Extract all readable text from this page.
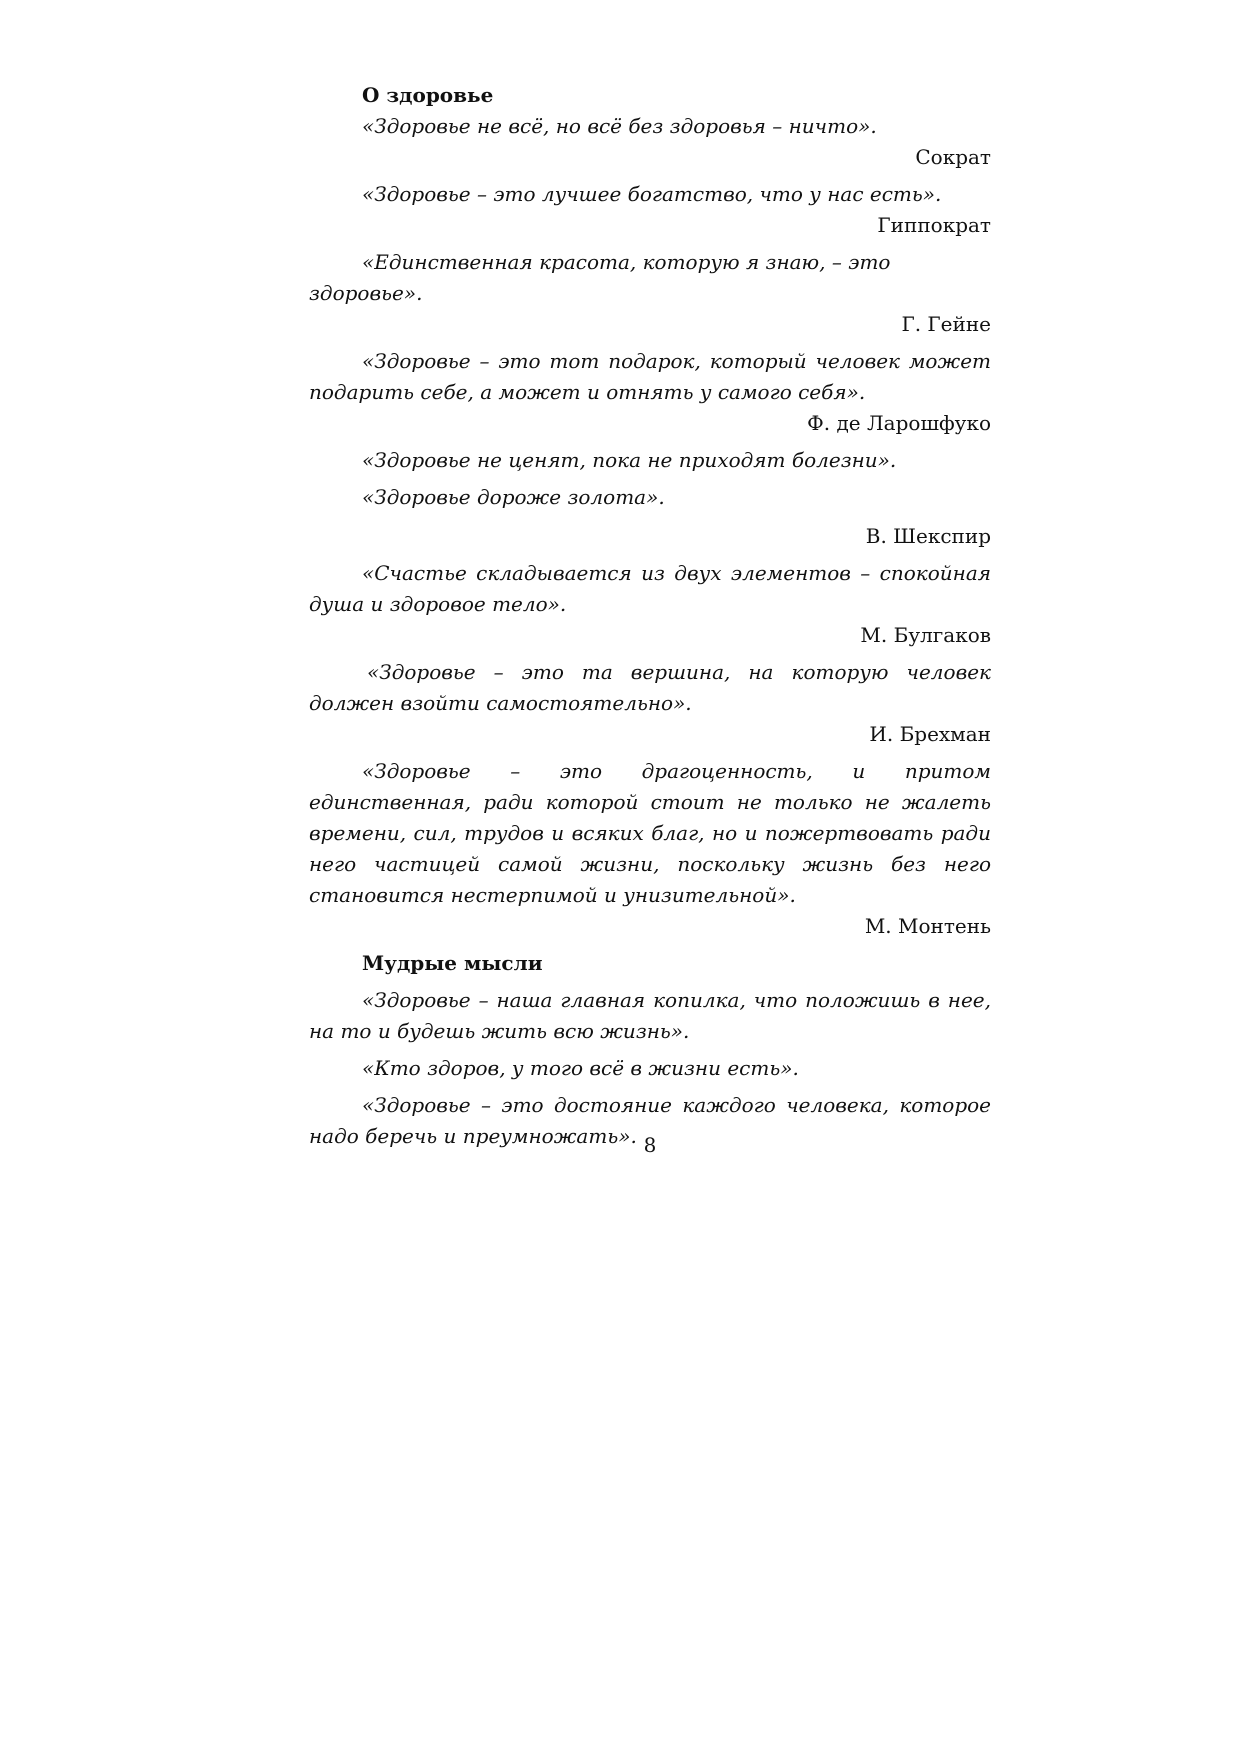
О здоровье

«Здоровье не всё, но всё без здоровья – ничто».

Сократ

«Здоровье – это лучшее богатство, что у нас есть».

Гиппократ

«Единственная красота, которую я знаю, – это здоровье».

Г. Гейне

«Здоровье – это тот подарок, который человек может подарить себе, а может и отнять у самого себя».

Ф. де Ларошфуко

«Здоровье не ценят, пока не приходят болезни».

«Здоровье дороже золота».

В. Шекспир

«Счастье складывается из двух элементов – спокойная душа и здоровое тело».

М. Булгаков

«Здоровье – это та вершина, на которую человек должен взойти самостоятельно».

И. Брехман

«Здоровье – это драгоценность, и притом единственная, ради которой стоит не только не жалеть времени, сил, трудов и всяких благ, но и пожертвовать ради него частицей самой жизни, поскольку жизнь без него становится нестерпимой и унизительной».

М. Монтень
Мудрые мысли

«Здоровье – наша главная копилка, что положишь в нее, на то и будешь жить всю жизнь».

«Кто здоров, у того всё в жизни есть».

«Здоровье – это достояние каждого человека, которое надо беречь и преумножать». 8
